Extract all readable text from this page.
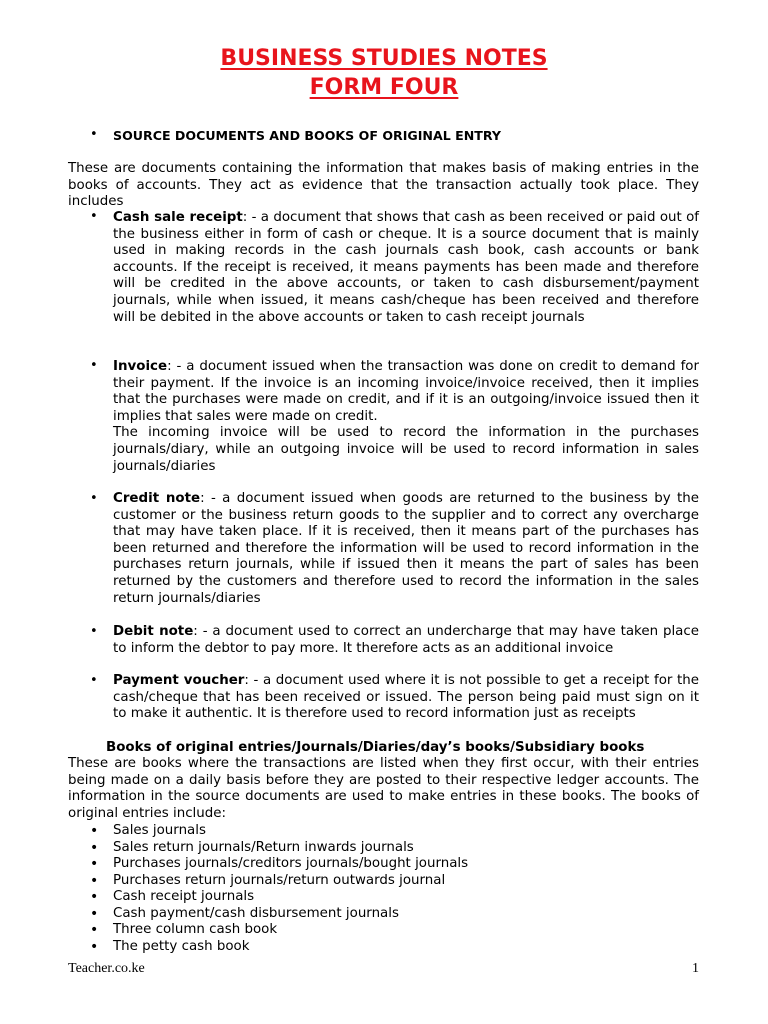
BUSINESS STUDIES NOTES
FORM FOUR
• SOURCE DOCUMENTS AND BOOKS OF ORIGINAL ENTRY
These are documents containing the information that makes basis of making entries in the books of accounts. They act as evidence that the transaction actually took place. They includes
• Cash sale receipt: - a document that shows that cash as been received or paid out of the business either in form of cash or cheque. It is a source document that is mainly used in making records in the cash journals cash book, cash accounts or bank accounts. If the receipt is received, it means payments has been made and therefore will be credited in the above accounts, or taken to cash disbursement/payment journals, while when issued, it means cash/cheque has been received and therefore will be debited in the above accounts or taken to cash receipt journals
• Invoice: - a document issued when the transaction was done on credit to demand for their payment. If the invoice is an incoming invoice/invoice received, then it implies that the purchases were made on credit, and if it is an outgoing/invoice issued then it implies that sales were made on credit.
The incoming invoice will be used to record the information in the purchases journals/diary, while an outgoing invoice will be used to record information in sales journals/diaries
• Credit note: - a document issued when goods are returned to the business by the customer or the business return goods to the supplier and to correct any overcharge that may have taken place. If it is received, then it means part of the purchases has been returned and therefore the information will be used to record information in the purchases return journals, while if issued then it means the part of sales has been returned by the customers and therefore used to record the information in the sales return journals/diaries
• Debit note: - a document used to correct an undercharge that may have taken place to inform the debtor to pay more. It therefore acts as an additional invoice
• Payment voucher: - a document used where it is not possible to get a receipt for the cash/cheque that has been received or issued. The person being paid must sign on it to make it authentic. It is therefore used to record information just as receipts
Books of original entries/Journals/Diaries/day’s books/Subsidiary books
These are books where the transactions are listed when they first occur, with their entries being made on a daily basis before they are posted to their respective ledger accounts. The information in the source documents are used to make entries in these books. The books of original entries include:
• Sales journals
• Sales return journals/Return inwards journals
• Purchases journals/creditors journals/bought journals
• Purchases return journals/return outwards journal
• Cash receipt journals
• Cash payment/cash disbursement journals
• Three column cash book
• The petty cash book
Teacher.co.ke	1
